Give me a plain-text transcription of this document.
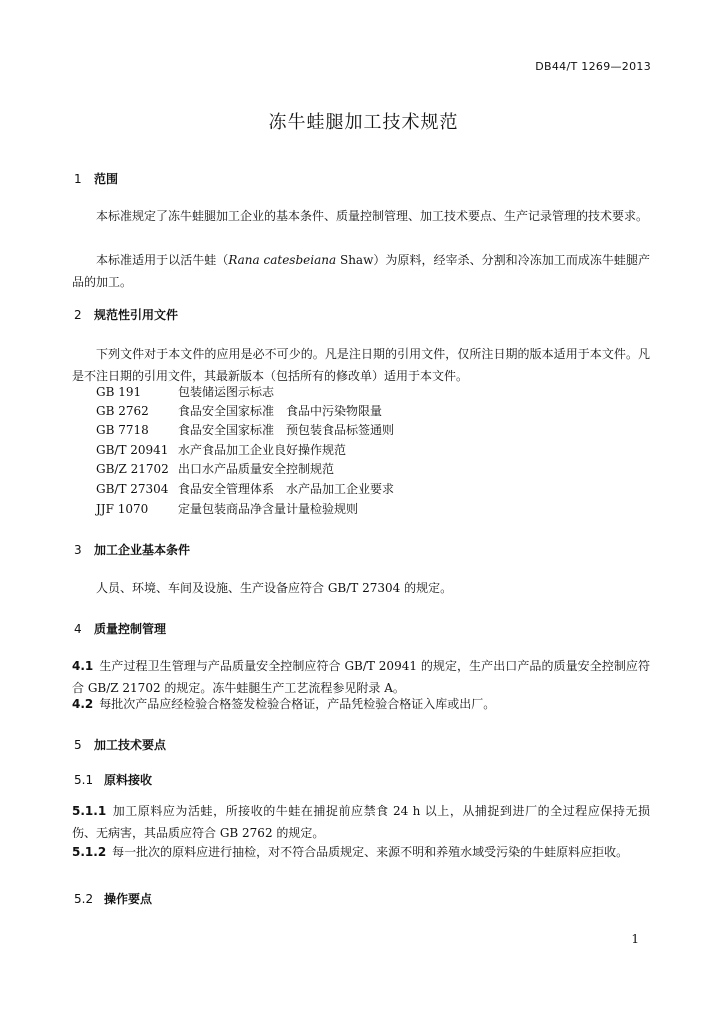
DB44/T 1269—2013
冻牛蛙腿加工技术规范
1 范围
本标准规定了冻牛蛙腿加工企业的基本条件、质量控制管理、加工技术要点、生产记录管理的技术要求。
本标准适用于以活牛蛙（Rana catesbeiana Shaw）为原料，经宰杀、分割和冷冻加工而成冻牛蛙腿产品的加工。
2 规范性引用文件
下列文件对于本文件的应用是必不可少的。凡是注日期的引用文件，仅所注日期的版本适用于本文件。凡是不注日期的引用文件，其最新版本（包括所有的修改单）适用于本文件。
GB 191	包装储运图示标志
GB 2762 食品安全国家标准　食品中污染物限量
GB 7718 食品安全国家标准　预包装食品标签通则
GB/T 20941 水产食品加工企业良好操作规范
GB/Z 21702 出口水产品质量安全控制规范
GB/T 27304 食品安全管理体系　水产品加工企业要求
JJF 1070 定量包装商品净含量计量检验规则
3 加工企业基本条件
人员、环境、车间及设施、生产设备应符合 GB/T 27304 的规定。
4 质量控制管理
4.1 生产过程卫生管理与产品质量安全控制应符合 GB/T 20941 的规定，生产出口产品的质量安全控制应符合 GB/Z 21702 的规定。冻牛蛙腿生产工艺流程参见附录 A。
4.2 每批次产品应经检验合格签发检验合格证，产品凭检验合格证入库或出厂。
5 加工技术要点
5.1 原料接收
5.1.1 加工原料应为活蛙，所接收的牛蛙在捕捉前应禁食 24 h 以上，从捕捉到进厂的全过程应保持无损伤、无病害，其品质应符合 GB 2762 的规定。
5.1.2 每一批次的原料应进行抽检，对不符合品质规定、来源不明和养殖水域受污染的牛蛙原料应拒收。
5.2 操作要点
1
